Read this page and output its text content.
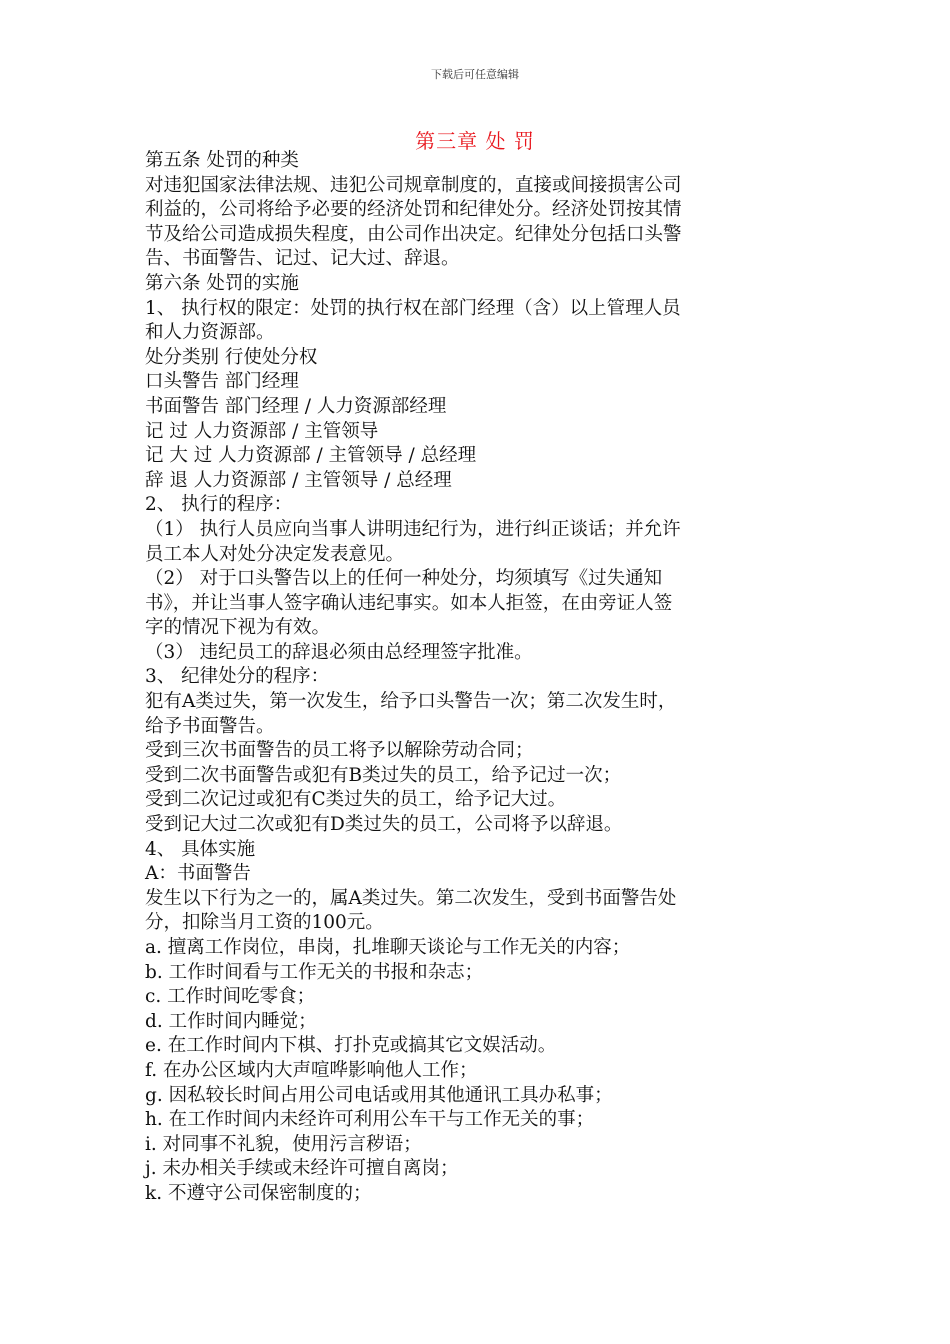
下载后可任意编辑
第三章 处 罚
第五条 处罚的种类
对违犯国家法律法规、违犯公司规章制度的，直接或间接损害公司
利益的，公司将给予必要的经济处罚和纪律处分。经济处罚按其情
节及给公司造成损失程度，由公司作出决定。纪律处分包括口头警
告、书面警告、记过、记大过、辞退。
第六条 处罚的实施
1、 执行权的限定：处罚的执行权在部门经理（含）以上管理人员
和人力资源部。
处分类别 行使处分权
口头警告 部门经理
书面警告 部门经理 / 人力资源部经理
记 过 人力资源部 / 主管领导
记 大 过 人力资源部 / 主管领导 / 总经理
辞 退 人力资源部 / 主管领导 / 总经理
2、 执行的程序：
（1） 执行人员应向当事人讲明违纪行为，进行纠正谈话；并允许
员工本人对处分决定发表意见。
（2） 对于口头警告以上的任何一种处分，均须填写《过失通知
书》，并让当事人签字确认违纪事实。如本人拒签，在由旁证人签
字的情况下视为有效。
（3） 违纪员工的辞退必须由总经理签字批准。
3、 纪律处分的程序：
犯有A类过失，第一次发生，给予口头警告一次；第二次发生时，
给予书面警告。
受到三次书面警告的员工将予以解除劳动合同；
受到二次书面警告或犯有B类过失的员工，给予记过一次；
受到二次记过或犯有C类过失的员工，给予记大过。
受到记大过二次或犯有D类过失的员工，公司将予以辞退。
4、 具体实施
A：书面警告
发生以下行为之一的，属A类过失。第二次发生，受到书面警告处
分，扣除当月工资的100元。
a. 擅离工作岗位，串岗，扎堆聊天谈论与工作无关的内容；
b. 工作时间看与工作无关的书报和杂志；
c. 工作时间吃零食；
d. 工作时间内睡觉；
e. 在工作时间内下棋、打扑克或搞其它文娱活动。
f. 在办公区域内大声喧哗影响他人工作；
g. 因私较长时间占用公司电话或用其他通讯工具办私事；
h. 在工作时间内未经许可利用公车干与工作无关的事；
i. 对同事不礼貌，使用污言秽语；
j. 未办相关手续或未经许可擅自离岗；
k. 不遵守公司保密制度的；
